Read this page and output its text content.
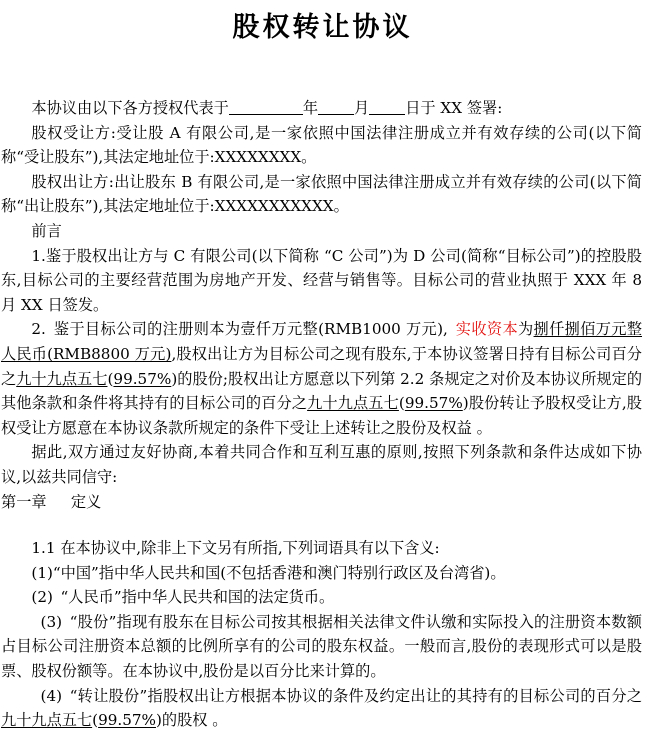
股权转让协议

本协议由以下各方授权代表于	年 月 日于 XX 签署:

股权受让方:受让股 A 有限公司,是一家依照中国法律注册成立并有效存续的公司(以下简称“受让股东”),其法定地址位于:XXXXXXXX。

股权出让方:出让股东 B 有限公司,是一家依照中国法律注册成立并有效存续的公司(以下简称“出让股东”),其法定地址位于:XXXXXXXXXXX。

前言

1.鉴于股权出让方与 C 有限公司(以下简称 “C 公司”)为 D 公司(简称“目标公司”)的控股股东,目标公司的主要经营范围为房地产开发、经营与销售等。目标公司的营业执照于 XXX 年 8 月 XX 日签发。

2. 鉴于目标公司的注册则本为壹仟万元整(RMB1000 万元), 实收资本为捌仟捌佰万元整人民币(RMB8800 万元),股权出让方为目标公司之现有股东,于本协议签署日持有目标公司百分之九十九点五七(99.57%)的股份;股权出让方愿意以下列第 2.2 条规定之对价及本协议所规定的其他条款和条件将其持有的目标公司的百分之九十九点五七(99.57%)股份转让予股权受让方,股权受让方愿意在本协议条款所规定的条件下受让上述转让之股份及权益 。

据此,双方通过友好协商,本着共同合作和互利互惠的原则,按照下列条款和条件达成如下协议,以兹共同信守:

第一章 定义

1.1 在本协议中,除非上下文另有所指,下列词语具有以下含义:

(1)“中国”指中华人民共和国(不包括香港和澳门特别行政区及台湾省)。

(2) “人民币”指中华人民共和国的法定货币。

(3) “股份”指现有股东在目标公司按其根据相关法律文件认缴和实际投入的注册资本数额占目标公司注册资本总额的比例所享有的公司的股东权益。一般而言,股份的表现形式可以是股票、股权份额等。在本协议中,股份是以百分比来计算的。

(4) “转让股份”指股权出让方根据本协议的条件及约定出让的其持有的目标公司的百分之九十九点五七(99.57%)的股权 。
